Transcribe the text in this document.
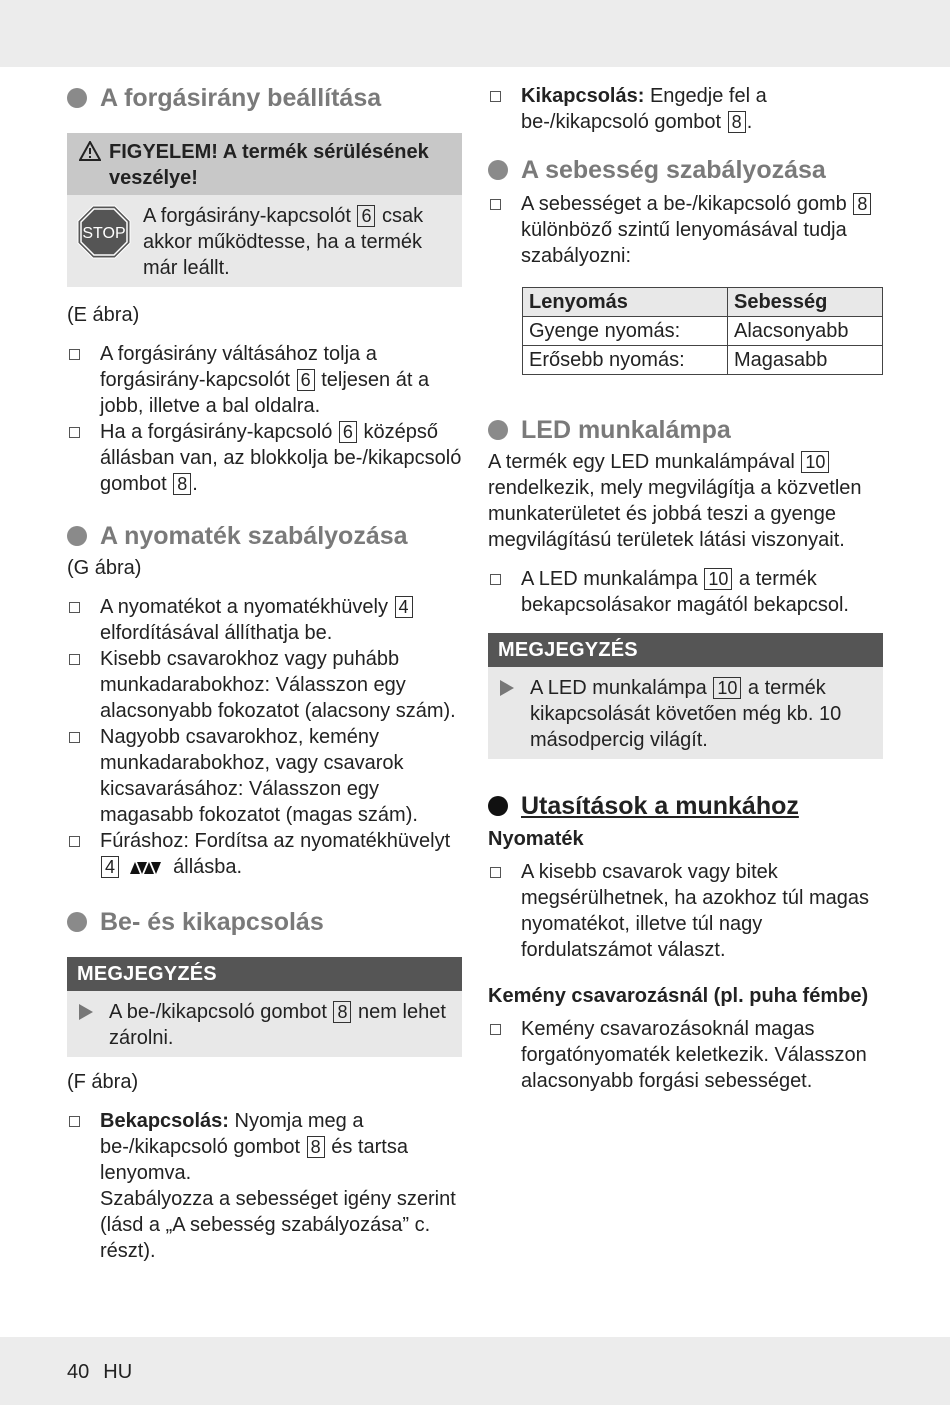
A forgásirány beállítása
FIGYELEM! A termék sérülésének veszélye!
STOP

A forgásirány-kapcsolót 6 csak akkor működtesse, ha a termék már leállt.

(E ábra)

A forgásirány váltásához tolja a forgásirány-kapcsolót 6 teljesen át a jobb, illetve a bal oldalra.
Ha a forgásirány-kapcsoló 6 középső állásban van, az blokkolja be-/kikapcsoló gombot 8 .
A nyomaték szabályozása

(G ábra)

A nyomatékot a nyomatékhüvely 4 elfordításával állíthatja be.
Kisebb csavarokhoz vagy puhább munkadarabokhoz: Válasszon egy alacsonyabb fokozatot (alacsony szám).
Nagyobb csavarokhoz, kemény munkadarabokhoz, vagy csavarok kicsavarásához: Válasszon egy magasabb fokozatot (magas szám).
Fúráshoz: Fordítsa az nyomatékhüvelyt 4	állásba.
Be- és kikapcsolás
MEGJEGYZÉS
A be-/kikapcsoló gombot 8 nem lehet zárolni.

(F ábra)

Bekapcsolás: Nyomja meg a be-/kikapcsoló gombot 8 és tartsa lenyomva.
Szabályozza a sebességet igény szerint (lásd a „A sebesség szabályozása” c. részt).
Kikapcsolás: Engedje fel a be-/kikapcsoló gombot 8 .
A sebesség szabályozása
A sebességet a be-/kikapcsoló gomb 8 különböző szintű lenyomásával tudja szabályozni:
Lenyomás	Sebesség
Gyenge nyomás:	Alacsonyabb
Erősebb nyomás:	Magasabb
LED munkalámpa

A termék egy LED munkalámpával 10 rendelkezik, mely megvilágítja a közvetlen munkaterületet és jobbá teszi a gyenge megvilágítású területek látási viszonyait.

A LED munkalámpa 10 a termék bekapcsolásakor magától bekapcsol.
MEGJEGYZÉS
A LED munkalámpa 10 a termék kikapcsolását követően még kb. 10 másodpercig világít.
Utasítások a munkához

Nyomaték

A kisebb csavarok vagy bitek megsérülhetnek, ha azokhoz túl magas nyomatékot, illetve túl nagy fordulatszámot választ.

Kemény csavarozásnál (pl. puha fémbe)

Kemény csavarozásoknál magas forgatónyomaték keletkezik. Válasszon alacsonyabb forgási sebességet.
40 HU
